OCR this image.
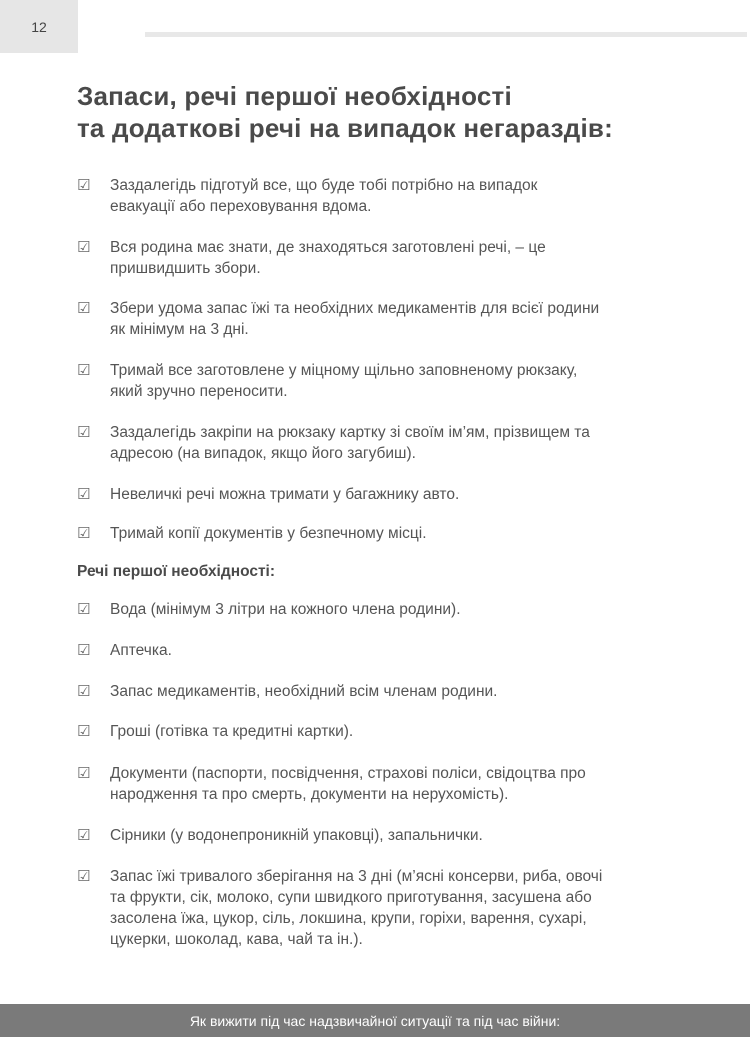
12
Запаси, речі першої необхідності
та додаткові речі на випадок негараздів:
☑	Заздалегідь підготуй все, що буде тобі потрібно на випадок
евакуації або переховування вдома.
☑	Вся родина має знати, де знаходяться заготовлені речі, – це
пришвидшить збори.
☑	Збери удома запас їжі та необхідних медикаментів для всієї родини
як мінімум на 3 дні.
☑	Тримай все заготовлене у міцному щільно заповненому рюкзаку,
який зручно переносити.
☑	Заздалегідь закріпи на рюкзаку картку зі своїм ім’ям, прізвищем та
адресою (на випадок, якщо його загубиш).
☑	Невеличкі речі можна тримати у багажнику авто.
☑	Тримай копії документів у безпечному місці.
Речі першої необхідності:
☑	Вода (мінімум 3 літри на кожного члена родини).
☑	Аптечка.
☑	Запас медикаментів, необхідний всім членам родини.
☑	Гроші (готівка та кредитні картки).
☑	Документи (паспорти, посвідчення, страхові поліси, свідоцтва про
народження та про смерть, документи на нерухомість).
☑	Сірники (у водонепроникній упаковці), запальнички.
☑	Запас їжі тривалого зберігання на 3 дні (м’ясні консерви, риба, овочі
та фрукти, сік, молоко, супи швидкого приготування, засушена або
засолена їжа, цукор, сіль, локшина, крупи, горіхи, варення, сухарі,
цукерки, шоколад, кава, чай та ін.).
Як вижити під час надзвичайної ситуації та під час війни:
